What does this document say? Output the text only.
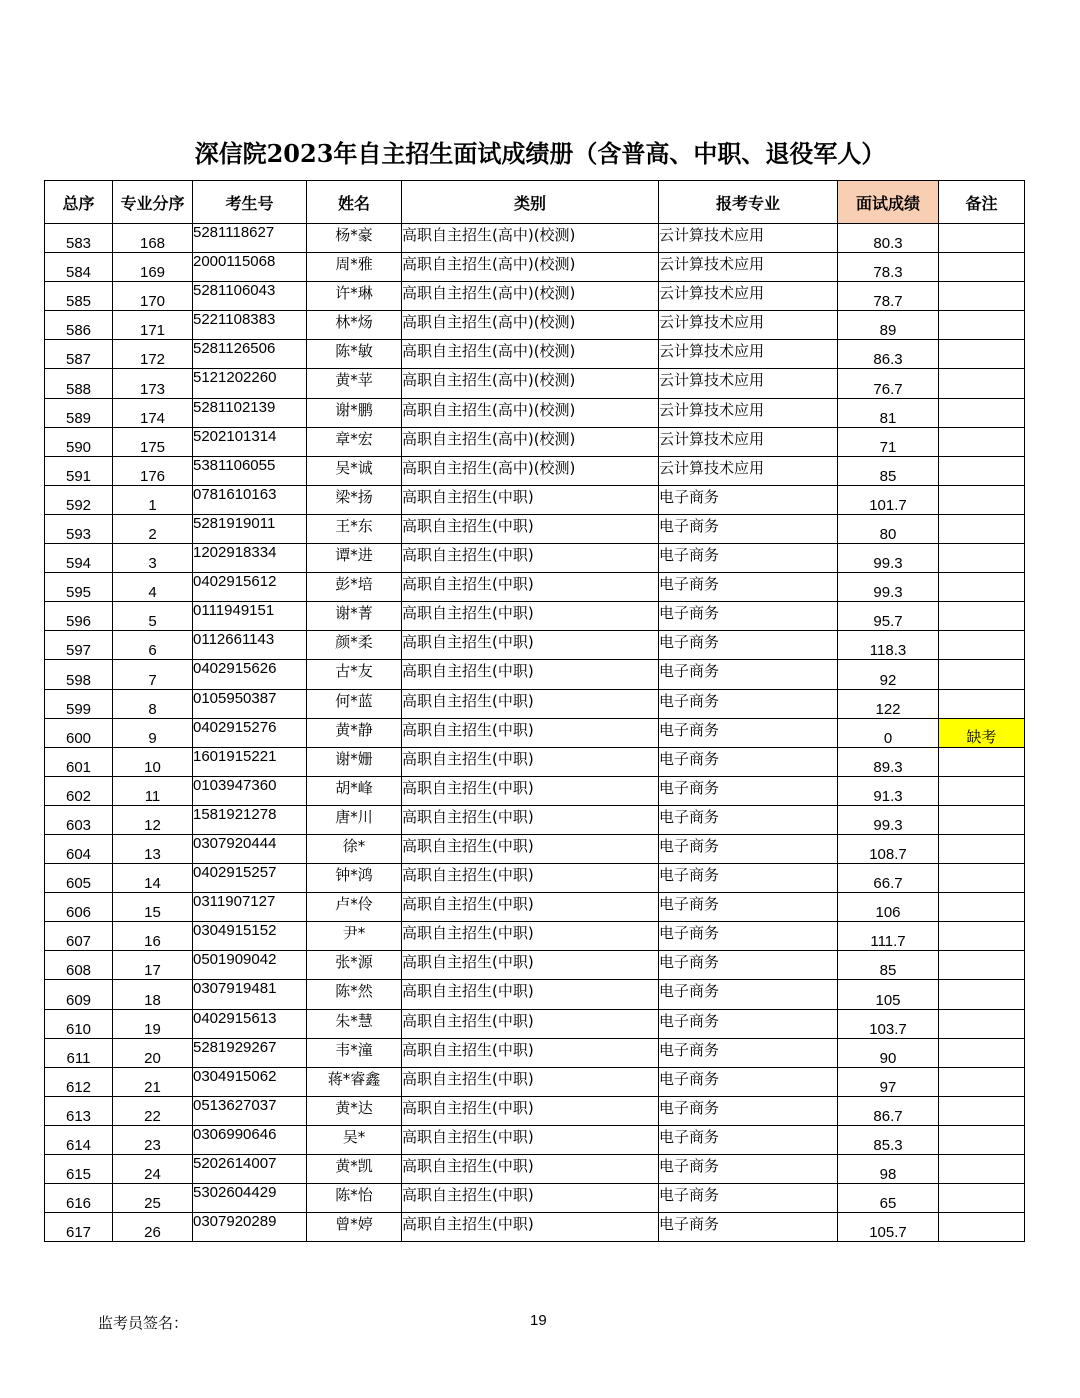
深信院2023年自主招生面试成绩册（含普高、中职、退役军人）
总序	专业分序	考生号	姓名	类别	报考专业	面试成绩	备注
583	168	5281118627	杨*豪	高职自主招生(高中)(校测)	云计算技术应用	80.3	
584	169	2000115068	周*雅	高职自主招生(高中)(校测)	云计算技术应用	78.3	
585	170	5281106043	许*琳	高职自主招生(高中)(校测)	云计算技术应用	78.7	
586	171	5221108383	林*炀	高职自主招生(高中)(校测)	云计算技术应用	89	
587	172	5281126506	陈*敏	高职自主招生(高中)(校测)	云计算技术应用	86.3	
588	173	5121202260	黄*苹	高职自主招生(高中)(校测)	云计算技术应用	76.7	
589	174	5281102139	谢*鹏	高职自主招生(高中)(校测)	云计算技术应用	81	
590	175	5202101314	章*宏	高职自主招生(高中)(校测)	云计算技术应用	71	
591	176	5381106055	吴*诚	高职自主招生(高中)(校测)	云计算技术应用	85	
592	1	0781610163	梁*扬	高职自主招生(中职)	电子商务	101.7	
593	2	5281919011	王*东	高职自主招生(中职)	电子商务	80	
594	3	1202918334	谭*进	高职自主招生(中职)	电子商务	99.3	
595	4	0402915612	彭*培	高职自主招生(中职)	电子商务	99.3	
596	5	0111949151	谢*菁	高职自主招生(中职)	电子商务	95.7	
597	6	0112661143	颜*柔	高职自主招生(中职)	电子商务	118.3	
598	7	0402915626	古*友	高职自主招生(中职)	电子商务	92	
599	8	0105950387	何*蓝	高职自主招生(中职)	电子商务	122	
600	9	0402915276	黄*静	高职自主招生(中职)	电子商务	0	缺考
601	10	1601915221	谢*姗	高职自主招生(中职)	电子商务	89.3	
602	11	0103947360	胡*峰	高职自主招生(中职)	电子商务	91.3	
603	12	1581921278	唐*川	高职自主招生(中职)	电子商务	99.3	
604	13	0307920444	徐*	高职自主招生(中职)	电子商务	108.7	
605	14	0402915257	钟*鸿	高职自主招生(中职)	电子商务	66.7	
606	15	0311907127	卢*伶	高职自主招生(中职)	电子商务	106	
607	16	0304915152	尹*	高职自主招生(中职)	电子商务	111.7	
608	17	0501909042	张*源	高职自主招生(中职)	电子商务	85	
609	18	0307919481	陈*然	高职自主招生(中职)	电子商务	105	
610	19	0402915613	朱*慧	高职自主招生(中职)	电子商务	103.7	
611	20	5281929267	韦*潼	高职自主招生(中职)	电子商务	90	
612	21	0304915062	蒋*睿鑫	高职自主招生(中职)	电子商务	97	
613	22	0513627037	黄*达	高职自主招生(中职)	电子商务	86.7	
614	23	0306990646	吴*	高职自主招生(中职)	电子商务	85.3	
615	24	5202614007	黄*凯	高职自主招生(中职)	电子商务	98	
616	25	5302604429	陈*怡	高职自主招生(中职)	电子商务	65	
617	26	0307920289	曾*婷	高职自主招生(中职)	电子商务	105.7	
监考员签名：	19
